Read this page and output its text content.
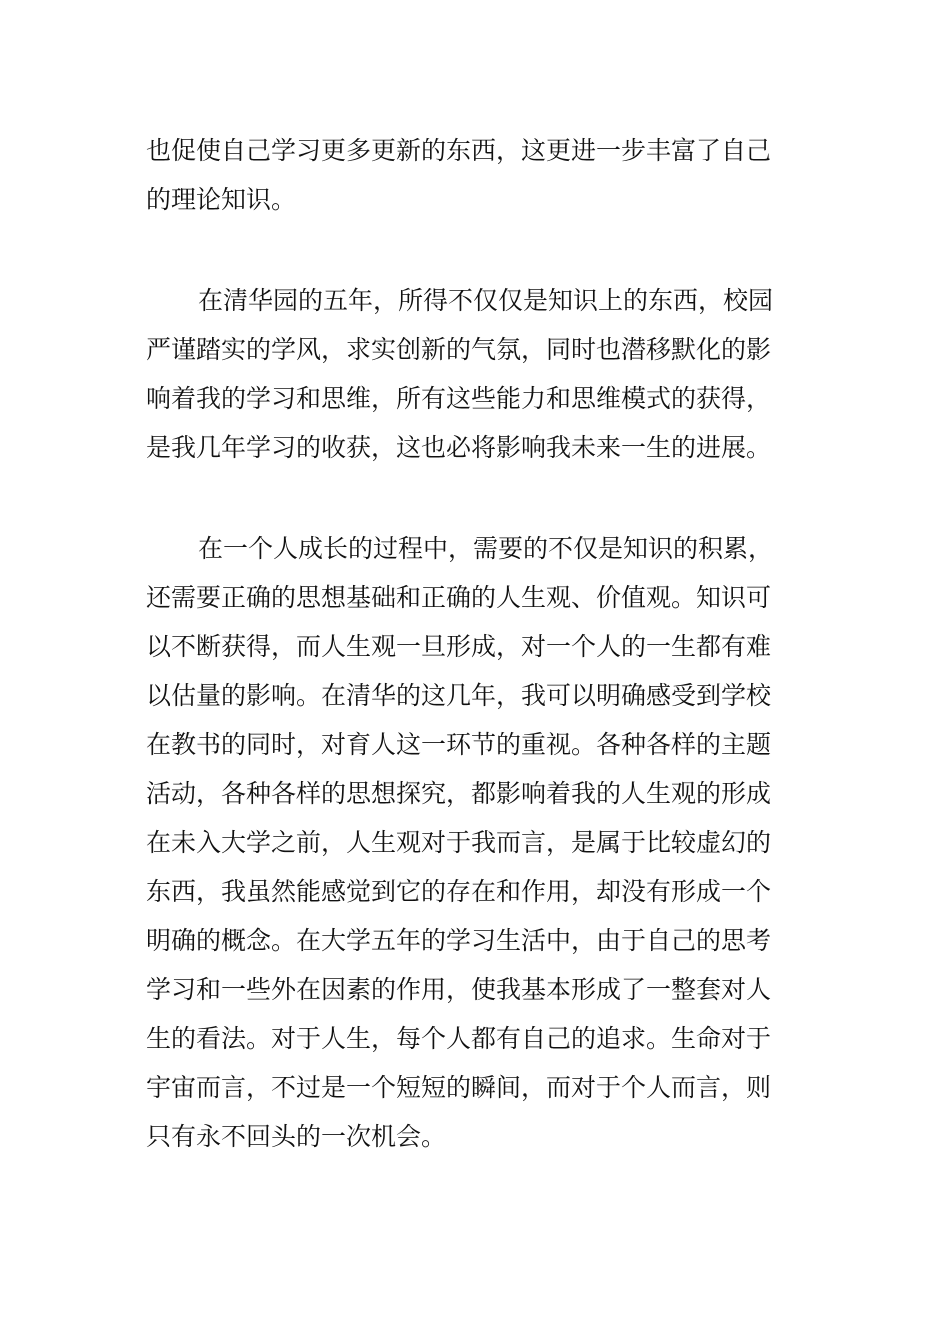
也促使自己学习更多更新的东西，这更进一步丰富了自己
的理论知识。
在清华园的五年，所得不仅仅是知识上的东西，校园
严谨踏实的学风，求实创新的气氛，同时也潜移默化的影
响着我的学习和思维，所有这些能力和思维模式的获得，
是我几年学习的收获，这也必将影响我未来一生的进展。
在一个人成长的过程中，需要的不仅是知识的积累，
还需要正确的思想基础和正确的人生观、价值观。知识可
以不断获得，而人生观一旦形成，对一个人的一生都有难
以估量的影响。在清华的这几年，我可以明确感受到学校
在教书的同时，对育人这一环节的重视。各种各样的主题
活动，各种各样的思想探究，都影响着我的人生观的形成
在未入大学之前，人生观对于我而言，是属于比较虚幻的
东西，我虽然能感觉到它的存在和作用，却没有形成一个
明确的概念。在大学五年的学习生活中，由于自己的思考
学习和一些外在因素的作用，使我基本形成了一整套对人
生的看法。对于人生，每个人都有自己的追求。生命对于
宇宙而言，不过是一个短短的瞬间，而对于个人而言，则
只有永不回头的一次机会。
